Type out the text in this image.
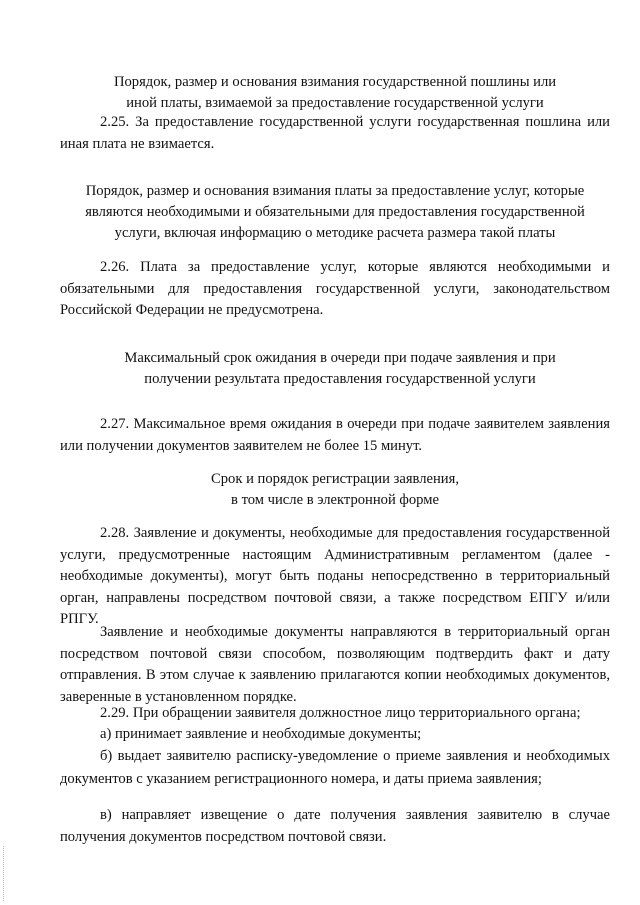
Порядок, размер и основания взимания государственной пошлины или иной платы, взимаемой за предоставление государственной услуги

2.25. За предоставление государственной услуги государственная пошлина или иная плата не взимается.

Порядок, размер и основания взимания платы за предоставление услуг, которые являются необходимыми и обязательными для предоставления государственной услуги, включая информацию о методике расчета размера такой платы

2.26. Плата за предоставление услуг, которые являются необходимыми и обязательными для предоставления государственной услуги, законодательством Российской Федерации не предусмотрена.

Максимальный срок ожидания в очереди при подаче заявления и при получении результата предоставления государственной услуги

2.27. Максимальное время ожидания в очереди при подаче заявителем заявления или получении документов заявителем не более 15 минут.

Срок и порядок регистрации заявления,
в том числе в электронной форме

2.28. Заявление и документы, необходимые для предоставления государственной услуги, предусмотренные настоящим Административным регламентом (далее - необходимые документы), могут быть поданы непосредственно в территориальный орган, направлены посредством почтовой связи, а также посредством ЕПГУ и/или РПГУ.

Заявление и необходимые документы направляются в территориальный орган посредством почтовой связи способом, позволяющим подтвердить факт и дату отправления. В этом случае к заявлению прилагаются копии необходимых документов, заверенные в установленном порядке.

2.29. При обращении заявителя должностное лицо территориального органа;

а) принимает заявление и необходимые документы;

б) выдает заявителю расписку-уведомление о приеме заявления и необходимых документов с указанием регистрационного номера, и даты приема заявления;

в) направляет извещение о дате получения заявления заявителю в случае получения документов посредством почтовой связи.
